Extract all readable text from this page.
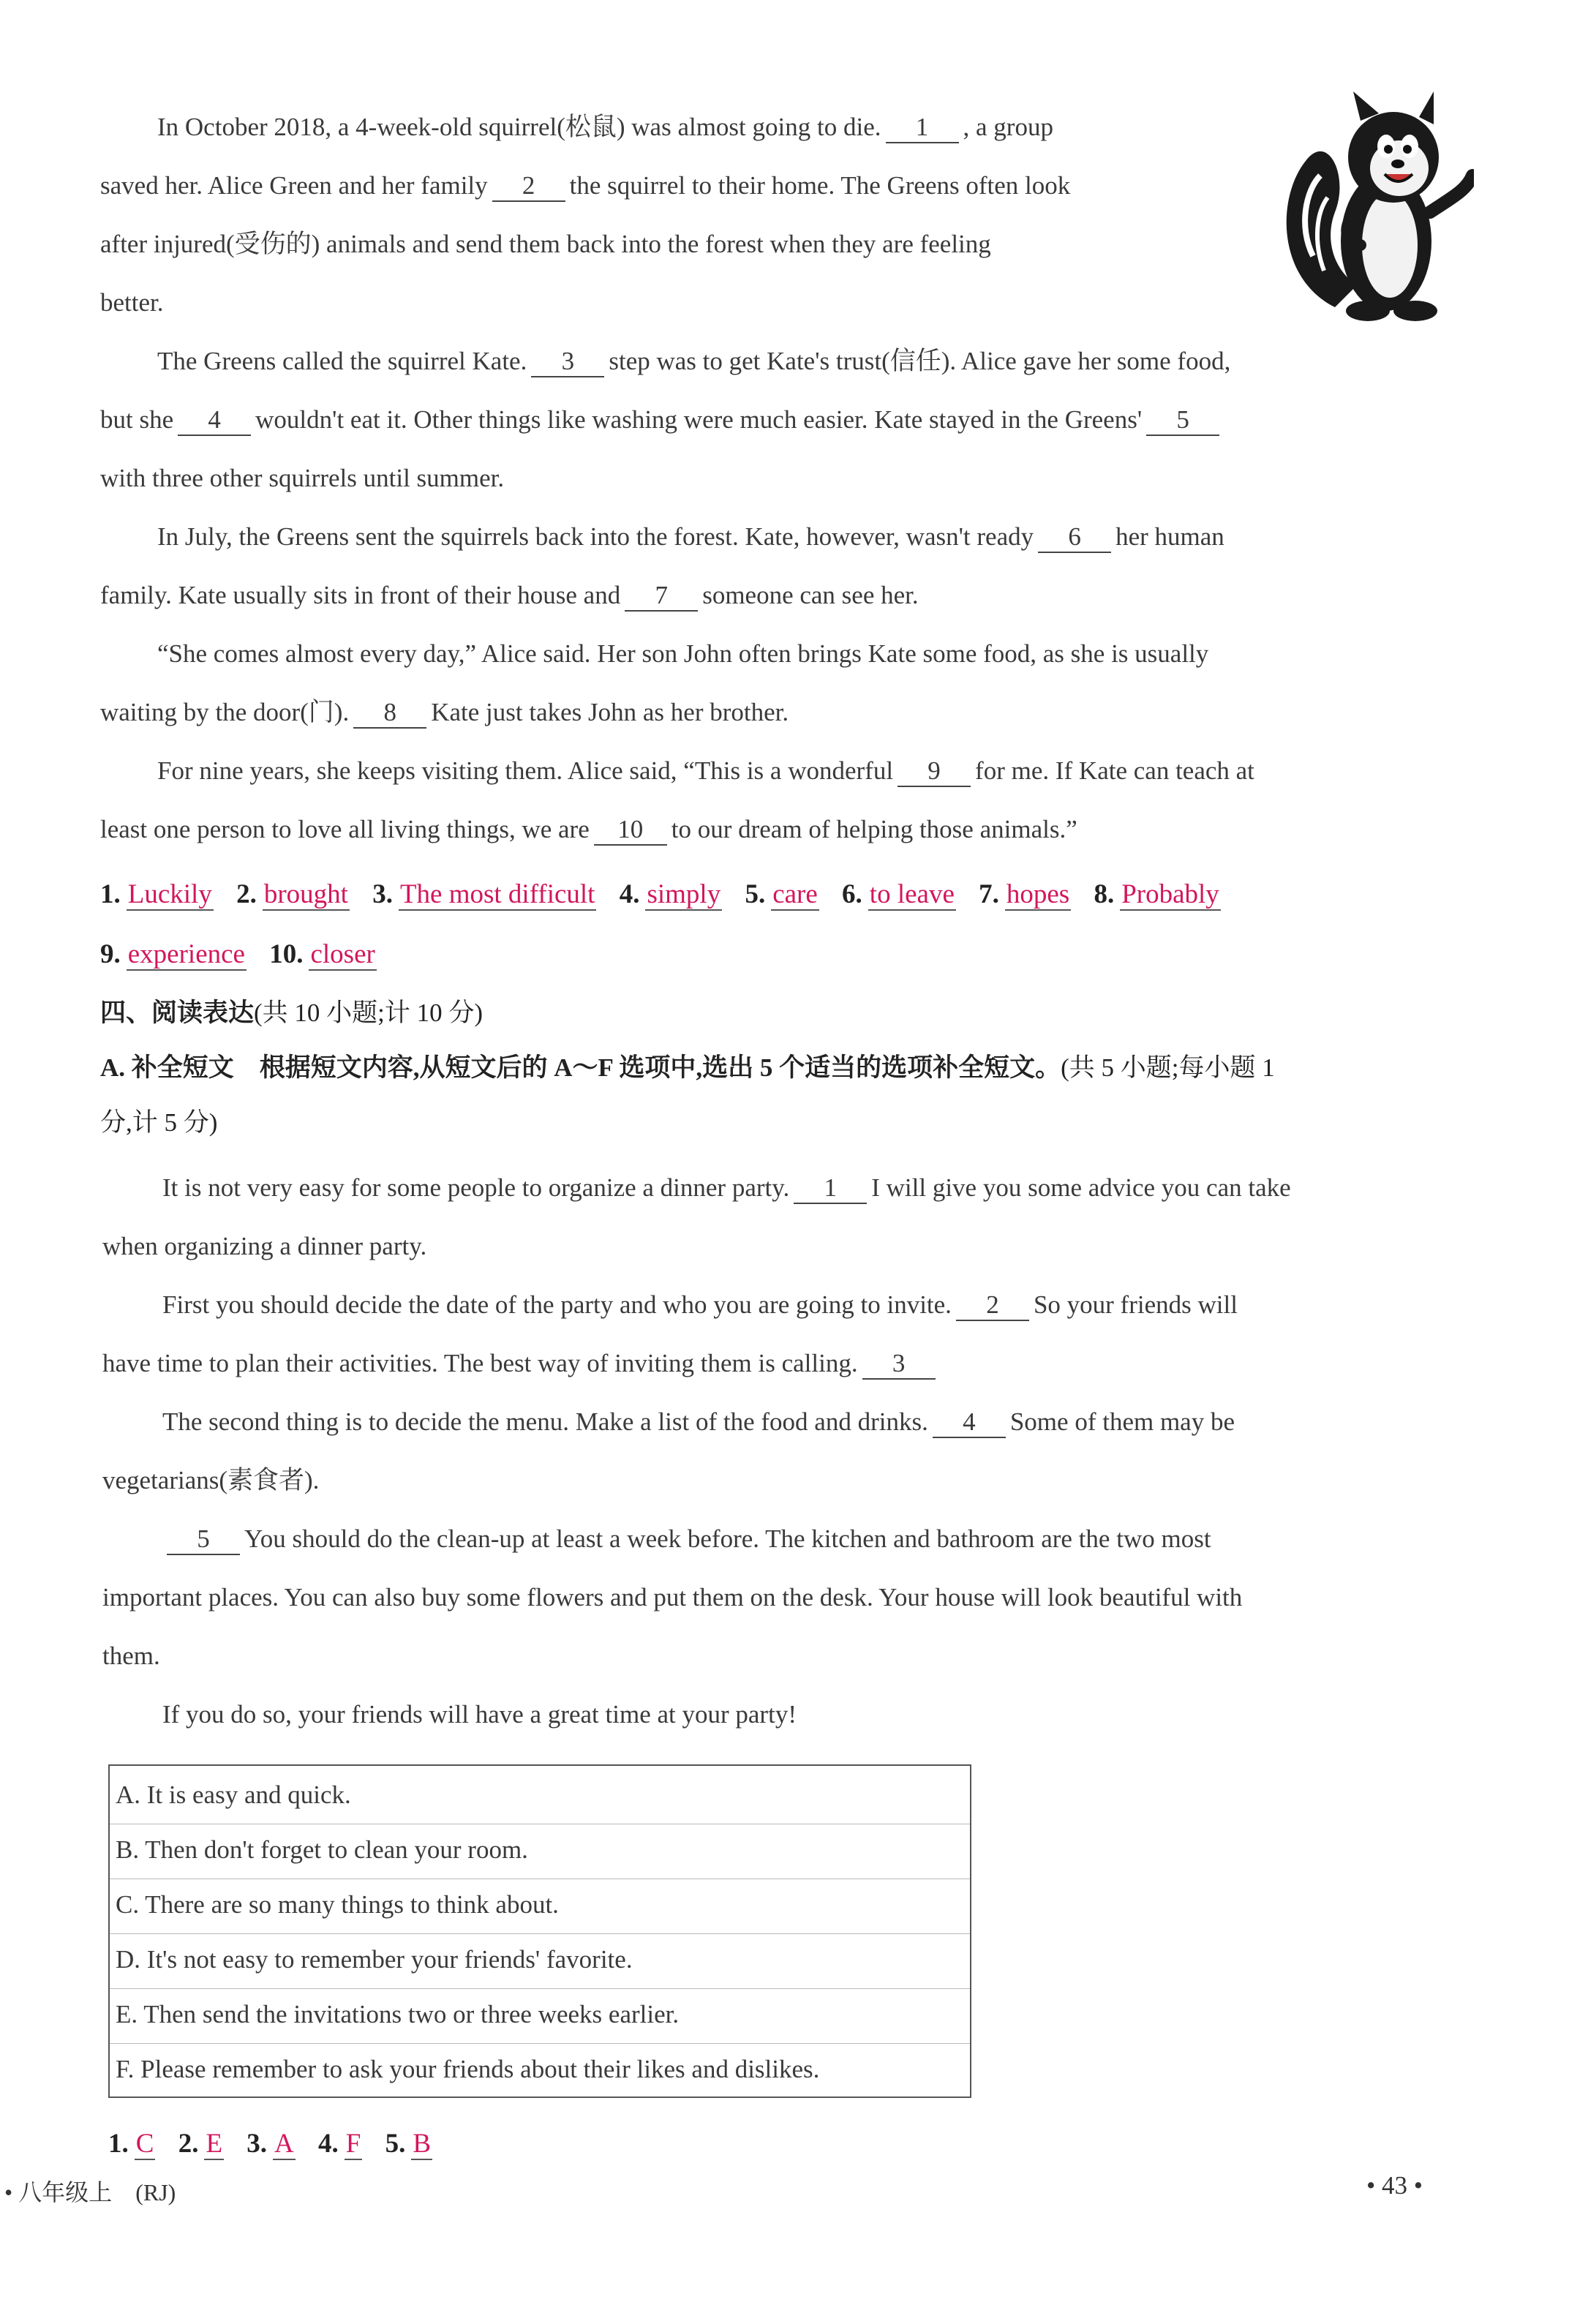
In October 2018, a 4-week-old squirrel(松鼠) was almost going to die. 1 , a group
saved her. Alice Green and her family 2 the squirrel to their home. The Greens often look
after injured(受伤的) animals and send them back into the forest when they are feeling
better.
The Greens called the squirrel Kate. 3 step was to get Kate's trust(信任). Alice gave her some food,
but she 4 wouldn't eat it. Other things like washing were much easier. Kate stayed in the Greens' 5
with three other squirrels until summer.
In July, the Greens sent the squirrels back into the forest. Kate, however, wasn't ready 6 her human
family. Kate usually sits in front of their house and 7 someone can see her.
“She comes almost every day,” Alice said. Her son John often brings Kate some food, as she is usually
waiting by the door(门). 8 Kate just takes John as her brother.
For nine years, she keeps visiting them. Alice said, “This is a wonderful 9 for me. If Kate can teach at
least one person to love all living things, we are 10 to our dream of helping those animals.”
1. Luckily 2. brought 3. The most difficult 4. simply 5. care 6. to leave 7. hopes 8. Probably
9. experience 10. closer
四、阅读表达(共 10 小题;计 10 分)
A. 补全短文　根据短文内容,从短文后的 A～F 选项中,选出 5 个适当的选项补全短文。(共 5 小题;每小题 1
分,计 5 分)
It is not very easy for some people to organize a dinner party. 1 I will give you some advice you can take
when organizing a dinner party.
First you should decide the date of the party and who you are going to invite. 2 So your friends will
have time to plan their activities. The best way of inviting them is calling. 3
The second thing is to decide the menu. Make a list of the food and drinks. 4 Some of them may be
vegetarians(素食者).
5 You should do the clean-up at least a week before. The kitchen and bathroom are the two most
important places. You can also buy some flowers and put them on the desk. Your house will look beautiful with
them.
If you do so, your friends will have a great time at your party!
A. It is easy and quick.
B. Then don't forget to clean your room.
C. There are so many things to think about.
D. It's not easy to remember your friends' favorite.
E. Then send the invitations two or three weeks earlier.
F. Please remember to ask your friends about their likes and dislikes.
1. C 2. E 3. A 4. F 5. B
• 八年级上　(RJ)	• 43 •
